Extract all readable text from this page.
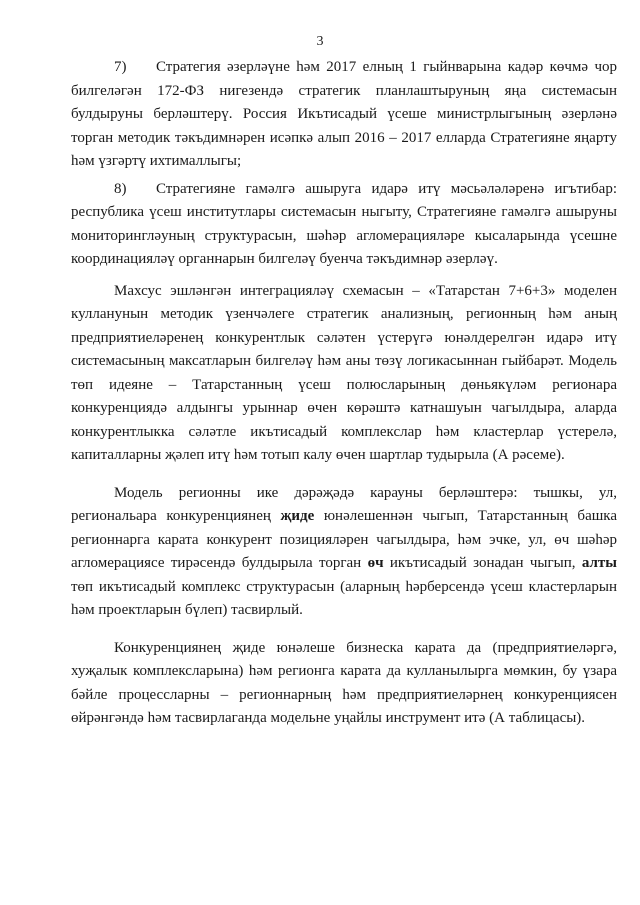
3

7) Стратегия әзерләүне һәм 2017 елның 1 гыйнварына кадәр көчмә чор билгеләгән 172-ФЗ нигезендә стратегик планлаштыруның яңа системасын булдыруны берләштерү. Россия Икътисадый үсеше министрлыгының әзерләнә торган методик тәкъдимнәрен исәпкә алып 2016 – 2017 елларда Стратегияне яңарту һәм үзгәртү ихтималлыгы;

8) Стратегияне гамәлгә ашыруга идарә итү мәсьәләләренә игътибар: республика үсеш институтлары системасын ныгыту, Стратегияне гамәлгә ашыруны мониторингләуның структурасын, шәһәр агломерацияләре кысаларында үсешне координацияләү органнарын билгеләү буенча тәкъдимнәр әзерләү.

Махсус эшләнгән интеграцияләү схемасын – «Татарстан 7+6+3» моделен кулланунын методик үзенчәлеге стратегик анализның, регионның һәм аның предприятиеләренең конкурентлык сәләтен үстерүгә юнәлдерелгән идарә итү системасының максатларын билгеләү һәм аны төзү логикасыннан гыйбарәт. Модель төп идеяне – Татарстанның үсеш полюсларының дөньякүләм регионара конкуренциядә алдынгы урыннар өчен көрәштә катнашуын чагылдыра, аларда конкурентлыкка сәләтле икътисадый комплекслар һәм кластерлар үстерелә, капиталларны җәлеп итү һәм тотып калу өчен шартлар тудырыла (А рәсеме).

Модель регионны ике дәрәҗәдә карауны берләштерә: тышкы, ул, региональара конкуренциянең җиде юнәлешеннән чыгып, Татарстанның башка регионнарга карата конкурент позицияләрен чагылдыра, һәм эчке, ул, өч шәһәр агломерациясе тирәсендә булдырыла торган өч икътисадый зонадан чыгып, алты төп икътисадый комплекс структурасын (аларның һәрберсендә үсеш кластерларын һәм проектларын бүлеп) тасвирлый.

Конкуренциянең җиде юнәлеше бизнеска карата да (предприятиеләргә, хуҗалык комплексларына) һәм регионга карата да кулланылырга мөмкин, бу үзара бәйле процессларны – регионнарның һәм предприятиеләрнең конкуренциясен өйрәнгәндә һәм тасвирлаганда модельне уңайлы инструмент итә (А таблицасы).
